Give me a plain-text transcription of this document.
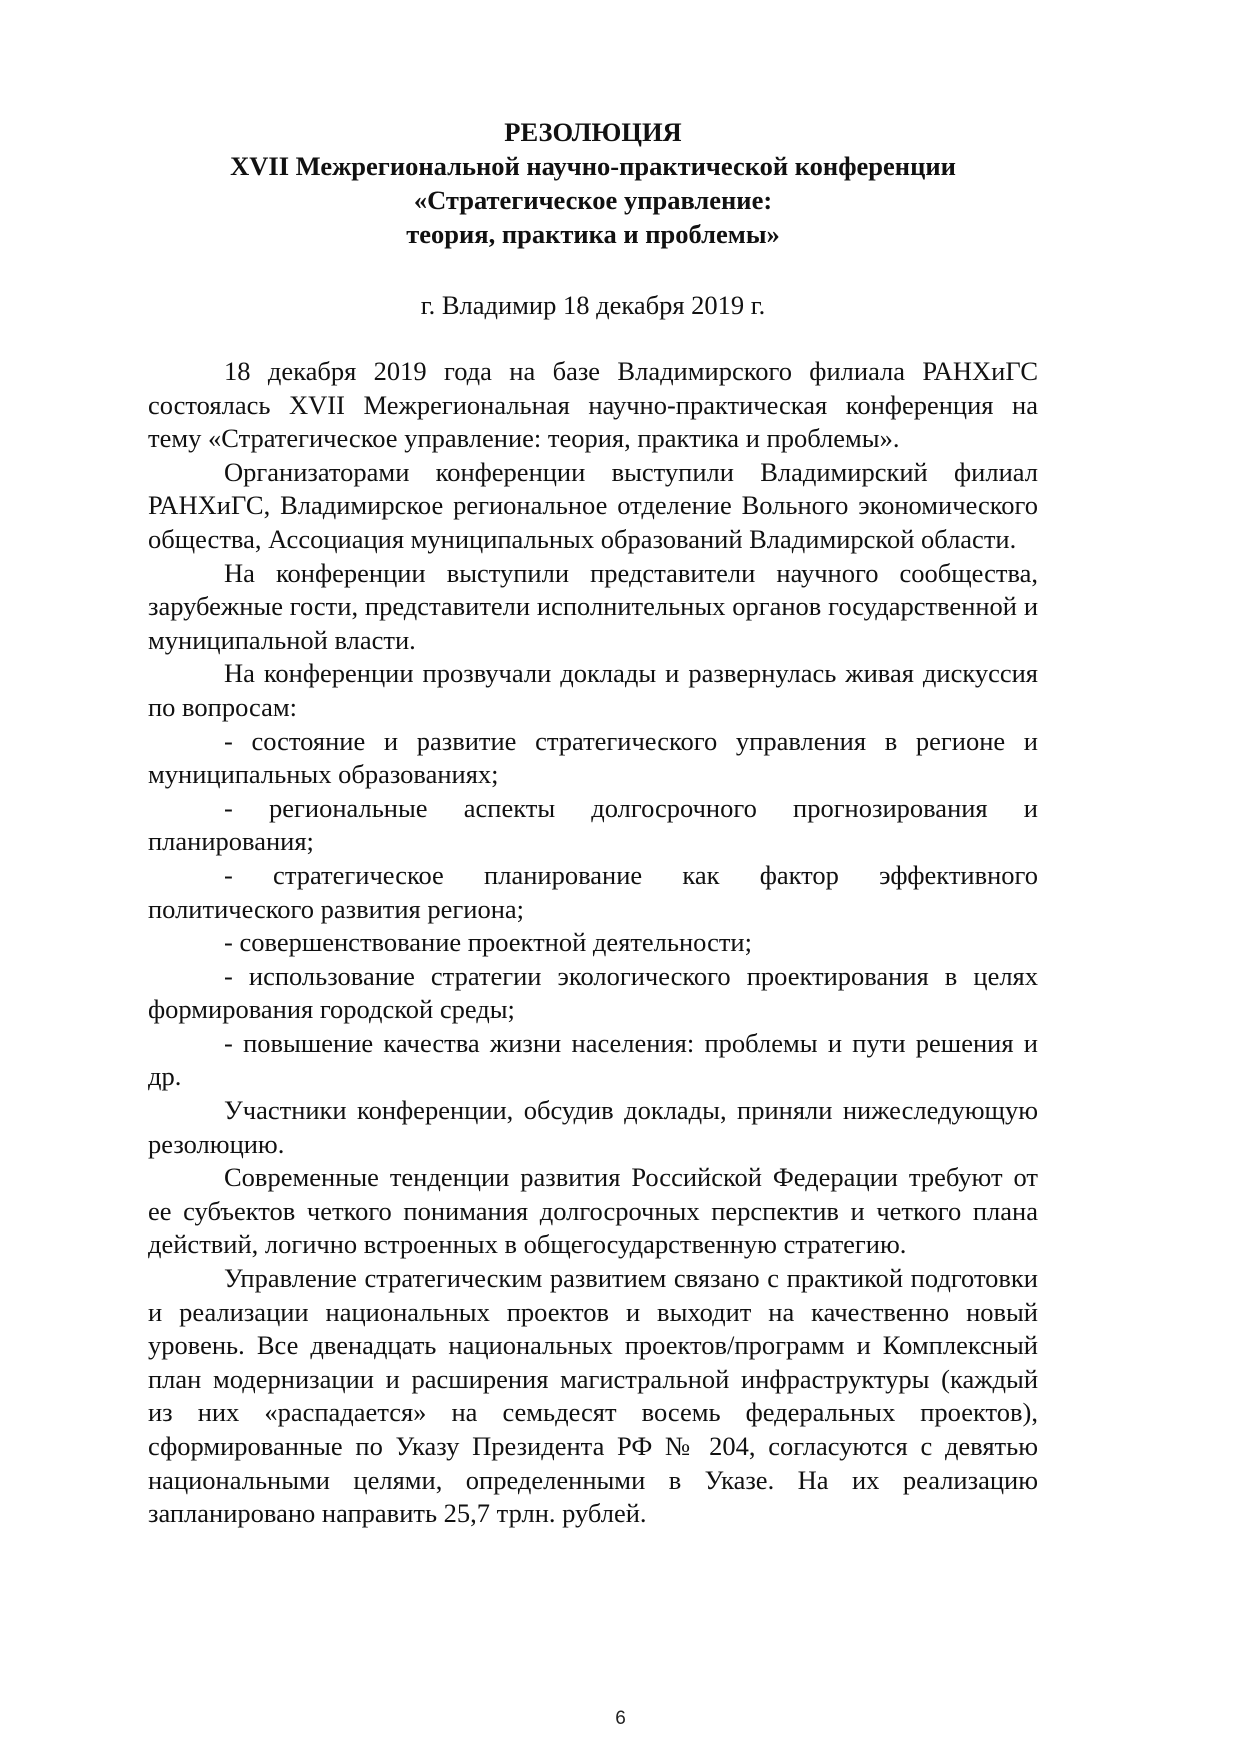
РЕЗОЛЮЦИЯ
XVII Межрегиональной научно-практической конференции
«Стратегическое управление:
теория, практика и проблемы»
г. Владимир 18 декабря 2019 г.

18 декабря 2019 года на базе Владимирского филиала РАНХиГС состоялась XVII Межрегиональная научно-практическая конференция на тему «Стратегическое управление: теория, практика и проблемы».

Организаторами конференции выступили Владимирский филиал РАНХиГС, Владимирское региональное отделение Вольного экономического общества, Ассоциация муниципальных образований Владимирской области.

На конференции выступили представители научного сообщества, зарубежные гости, представители исполнительных органов государственной и муниципальной власти.

На конференции прозвучали доклады и развернулась живая дискуссия по вопросам:

- состояние и развитие стратегического управления в регионе и муниципальных образованиях;

- региональные аспекты долгосрочного прогнозирования и планирования;

- стратегическое планирование как фактор эффективного политического развития региона;

- совершенствование проектной деятельности;

- использование стратегии экологического проектирования в целях формирования городской среды;

- повышение качества жизни населения: проблемы и пути решения и др.

Участники конференции, обсудив доклады, приняли нижеследующую резолюцию.

Современные тенденции развития Российской Федерации требуют от ее субъектов четкого понимания долгосрочных перспектив и четкого плана действий, логично встроенных в общегосударственную стратегию.

Управление стратегическим развитием связано с практикой подготовки и реализации национальных проектов и выходит на качественно новый уровень. Все двенадцать национальных проектов/программ и Комплексный план модернизации и расширения магистральной инфраструктуры (каждый из них «распадается» на семьдесят восемь федеральных проектов), сформированные по Указу Президента РФ № 204, согласуются с девятью национальными целями, определенными в Указе. На их реализацию запланировано направить 25,7 трлн. рублей.

6
